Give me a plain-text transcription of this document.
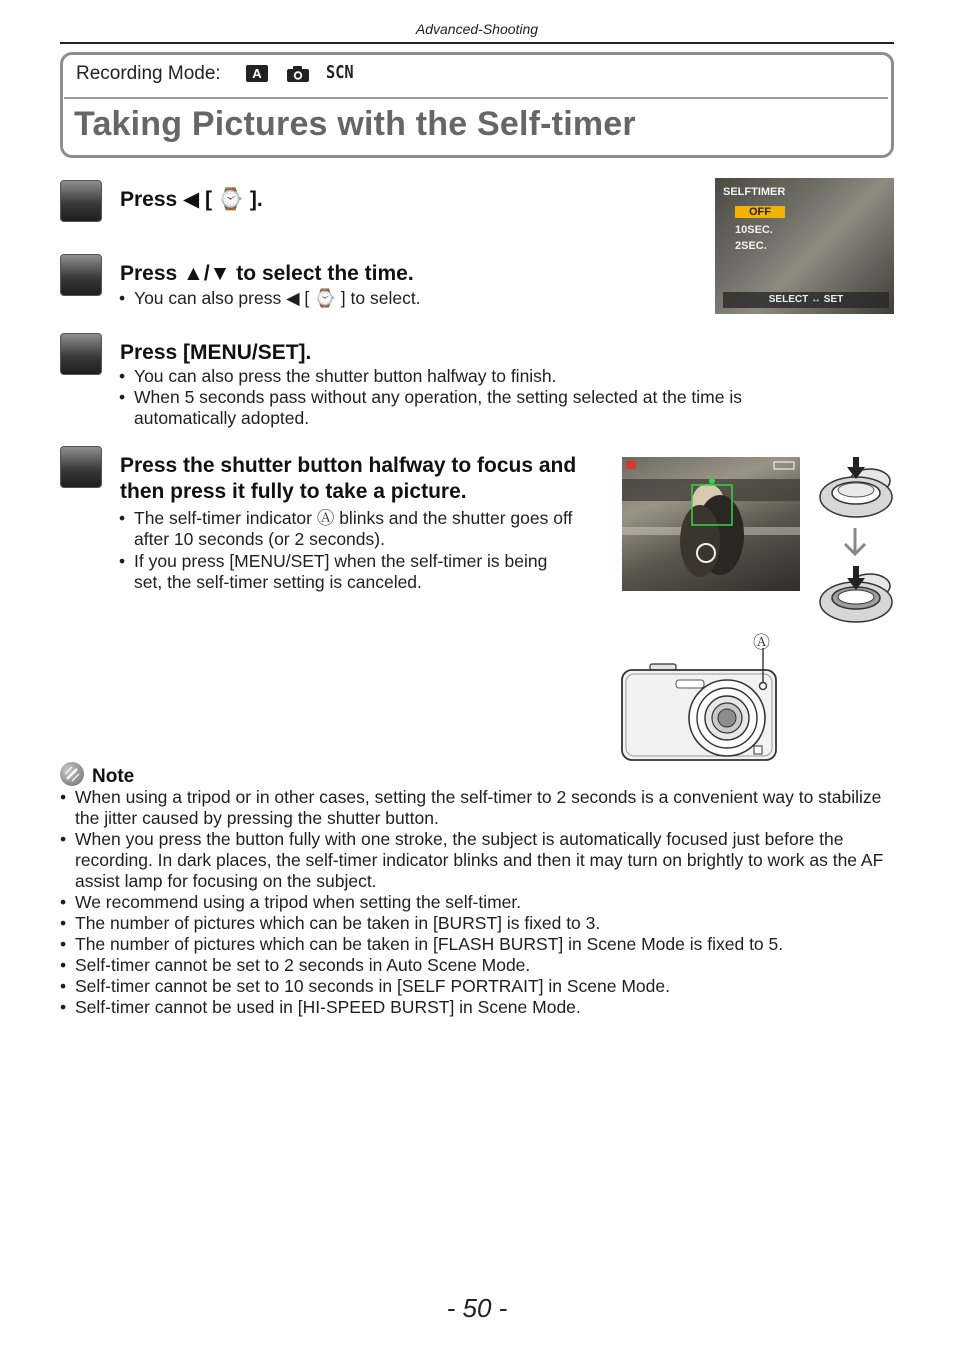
Advanced-Shooting
Recording Mode:	A	SCN
Taking Pictures with the Self-timer
Press ◀ [ ⌚ ].
Press ▲/▼ to select the time.
• You can also press ◀ [ ⌚ ] to select.
SELFTIMER
OFF
10SEC.
2SEC.
SELECT ↔ SET
Press [MENU/SET].
• You can also press the shutter button halfway to finish.
• When 5 seconds pass without any operation, the setting selected at the time is automatically adopted.
Press the shutter button halfway to focus and then press it fully to take a picture.
• The self-timer indicator Ⓐ blinks and the shutter goes off after 10 seconds (or 2 seconds).
• If you press [MENU/SET] when the self-timer is being set, the self-timer setting is canceled.
Ⓐ
Note
• When using a tripod or in other cases, setting the self-timer to 2 seconds is a convenient way to stabilize the jitter caused by pressing the shutter button.
• When you press the button fully with one stroke, the subject is automatically focused just before the recording. In dark places, the self-timer indicator blinks and then it may turn on brightly to work as the AF assist lamp for focusing on the subject.
• We recommend using a tripod when setting the self-timer.
• The number of pictures which can be taken in [BURST] is fixed to 3.
• The number of pictures which can be taken in [FLASH BURST] in Scene Mode is fixed to 5.
• Self-timer cannot be set to 2 seconds in Auto Scene Mode.
• Self-timer cannot be set to 10 seconds in [SELF PORTRAIT] in Scene Mode.
• Self-timer cannot be used in [HI-SPEED BURST] in Scene Mode.
- 50 -
